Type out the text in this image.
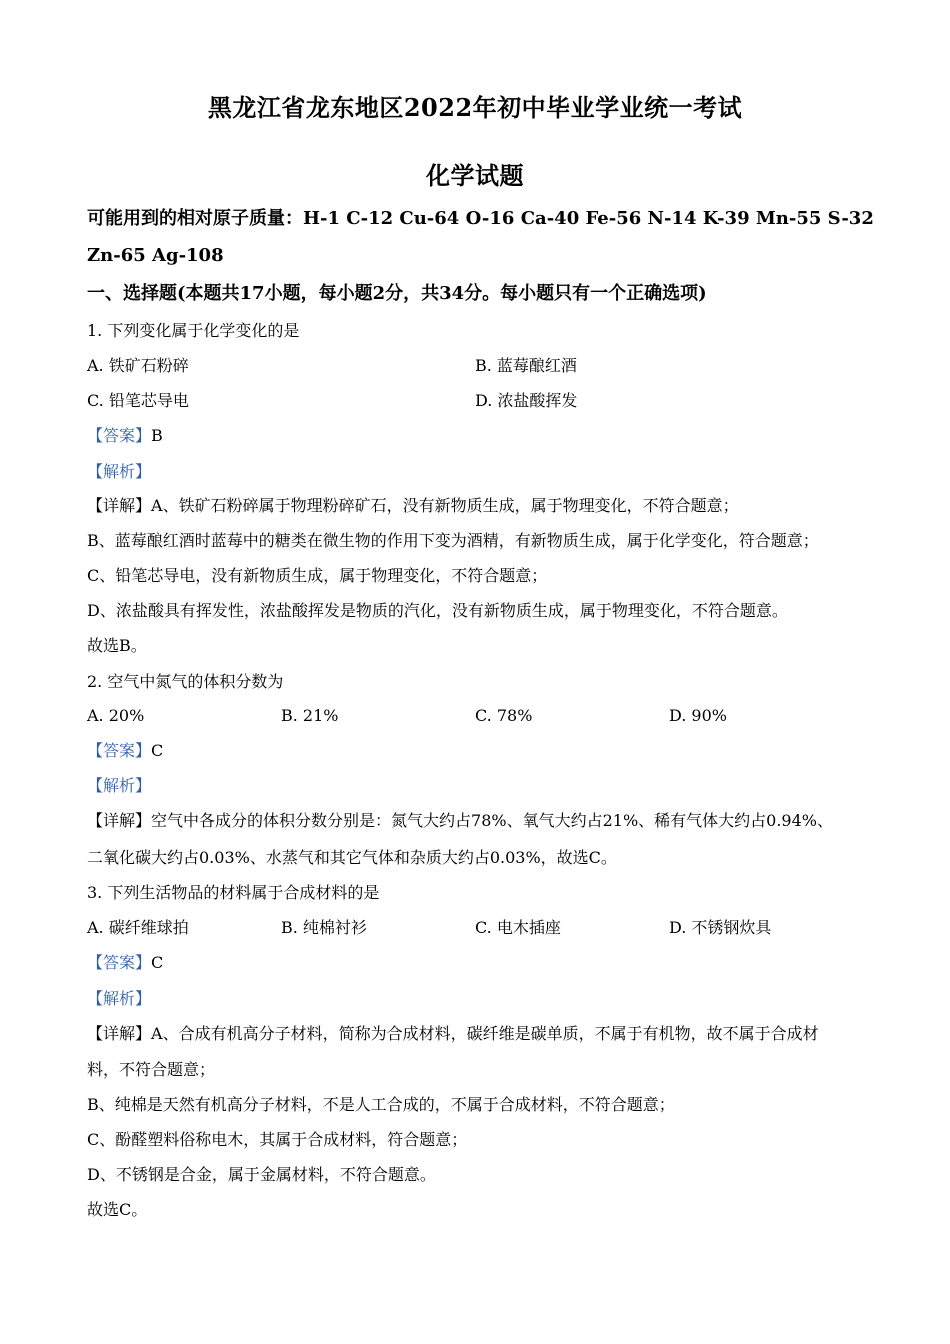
黑龙江省龙东地区2022年初中毕业学业统一考试
化学试题
可能用到的相对原子质量：H-1 C-12 Cu-64 O-16 Ca-40 Fe-56 N-14 K-39 Mn-55 S-32
Zn-65 Ag-108
一、选择题(本题共17小题，每小题2分，共34分。每小题只有一个正确选项)
1. 下列变化属于化学变化的是
A. 铁矿石粉碎	B. 蓝莓酿红酒
C. 铅笔芯导电	D. 浓盐酸挥发
【答案】B
【解析】
【详解】A、铁矿石粉碎属于物理粉碎矿石，没有新物质生成，属于物理变化，不符合题意；
B、蓝莓酿红酒时蓝莓中的糖类在微生物的作用下变为酒精，有新物质生成，属于化学变化，符合题意；
C、铅笔芯导电，没有新物质生成，属于物理变化，不符合题意；
D、浓盐酸具有挥发性，浓盐酸挥发是物质的汽化，没有新物质生成，属于物理变化，不符合题意。
故选B。
2. 空气中氮气的体积分数为
A. 20%	B. 21%	C. 78%	D. 90%
【答案】C
【解析】
【详解】空气中各成分的体积分数分别是：氮气大约占78%、氧气大约占21%、稀有气体大约占0.94%、
二氧化碳大约占0.03%、水蒸气和其它气体和杂质大约占0.03%，故选C。
3. 下列生活物品的材料属于合成材料的是
A. 碳纤维球拍	B. 纯棉衬衫	C. 电木插座	D. 不锈钢炊具
【答案】C
【解析】
【详解】A、合成有机高分子材料，简称为合成材料，碳纤维是碳单质，不属于有机物，故不属于合成材
料，不符合题意；
B、纯棉是天然有机高分子材料，不是人工合成的，不属于合成材料，不符合题意；
C、酚醛塑料俗称电木，其属于合成材料，符合题意；
D、不锈钢是合金，属于金属材料，不符合题意。
故选C。
